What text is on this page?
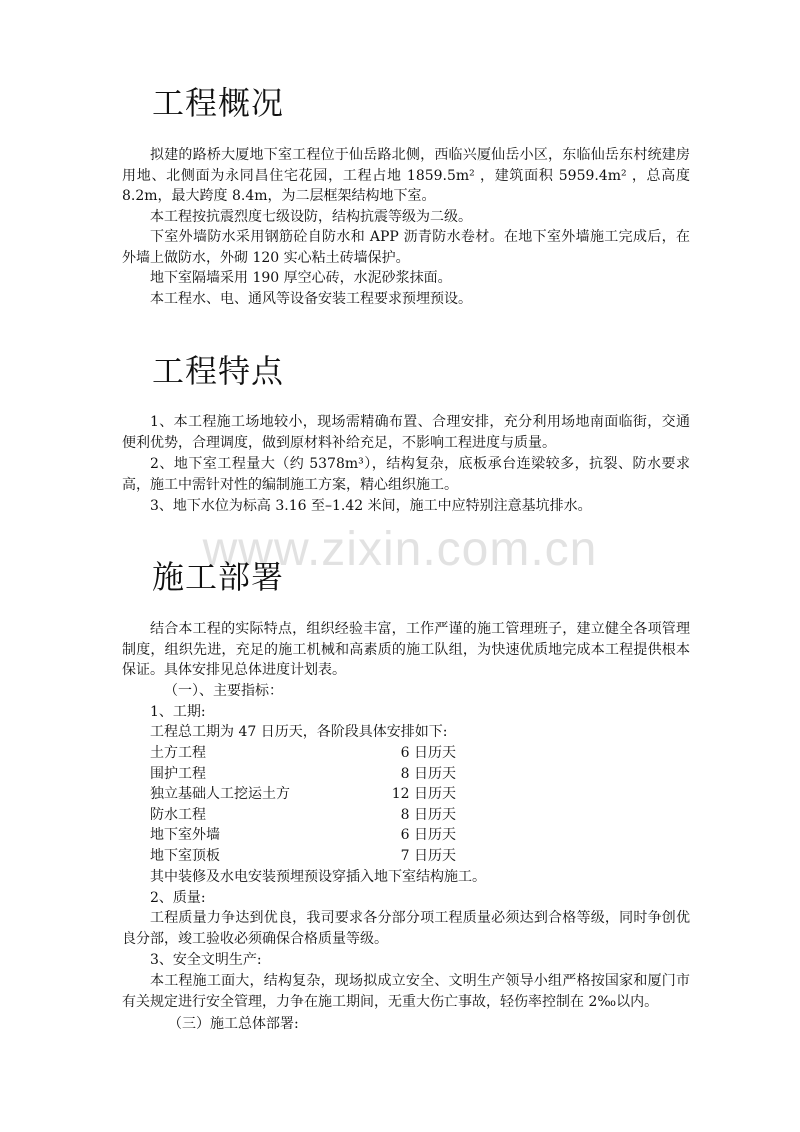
工程概况

拟建的路桥大厦地下室工程位于仙岳路北侧，西临兴厦仙岳小区，东临仙岳东村统建房用地、北侧面为永同昌住宅花园，工程占地 1859.5m² ，建筑面积 5959.4m² ，总高度 8.2m，最大跨度 8.4m，为二层框架结构地下室。

本工程按抗震烈度七级设防，结构抗震等级为二级。

下室外墙防水采用钢筋砼自防水和 APP 沥青防水卷材。在地下室外墙施工完成后，在外墙上做防水，外砌 120 实心粘土砖墙保护。

地下室隔墙采用 190 厚空心砖，水泥砂浆抹面。

本工程水、电、通风等设备安装工程要求预埋预设。

工程特点

1、本工程施工场地较小，现场需精确布置、合理安排，充分利用场地南面临街，交通便利优势，合理调度，做到原材料补给充足，不影响工程进度与质量。

2、地下室工程量大（约 5378m³），结构复杂，底板承台连梁较多，抗裂、防水要求高，施工中需针对性的编制施工方案，精心组织施工。

3、地下水位为标高 3.16 至–1.42 米间，施工中应特别注意基坑排水。

www.zixin.com.cn
施工部署

结合本工程的实际特点，组织经验丰富，工作严谨的施工管理班子，建立健全各项管理制度，组织先进，充足的施工机械和高素质的施工队组，为快速优质地完成本工程提供根本保证。具体安排见总体进度计划表。

（一）、主要指标：

1、工期:

工程总工期为 47 日历天，各阶段具体安排如下:

土方工程	6 日历天
围护工程	8 日历天
独立基础人工挖运土方	12 日历天
防水工程	8 日历天
地下室外墙	6 日历天
地下室顶板	7 日历天

其中装修及水电安装预埋预设穿插入地下室结构施工。

2、质量:

工程质量力争达到优良，我司要求各分部分项工程质量必须达到合格等级，同时争创优良分部，竣工验收必须确保合格质量等级。

3、安全文明生产:

本工程施工面大，结构复杂，现场拟成立安全、文明生产领导小组严格按国家和厦门市有关规定进行安全管理，力争在施工期间，无重大伤亡事故，轻伤率控制在 2‰以内。

（三）施工总体部署:
